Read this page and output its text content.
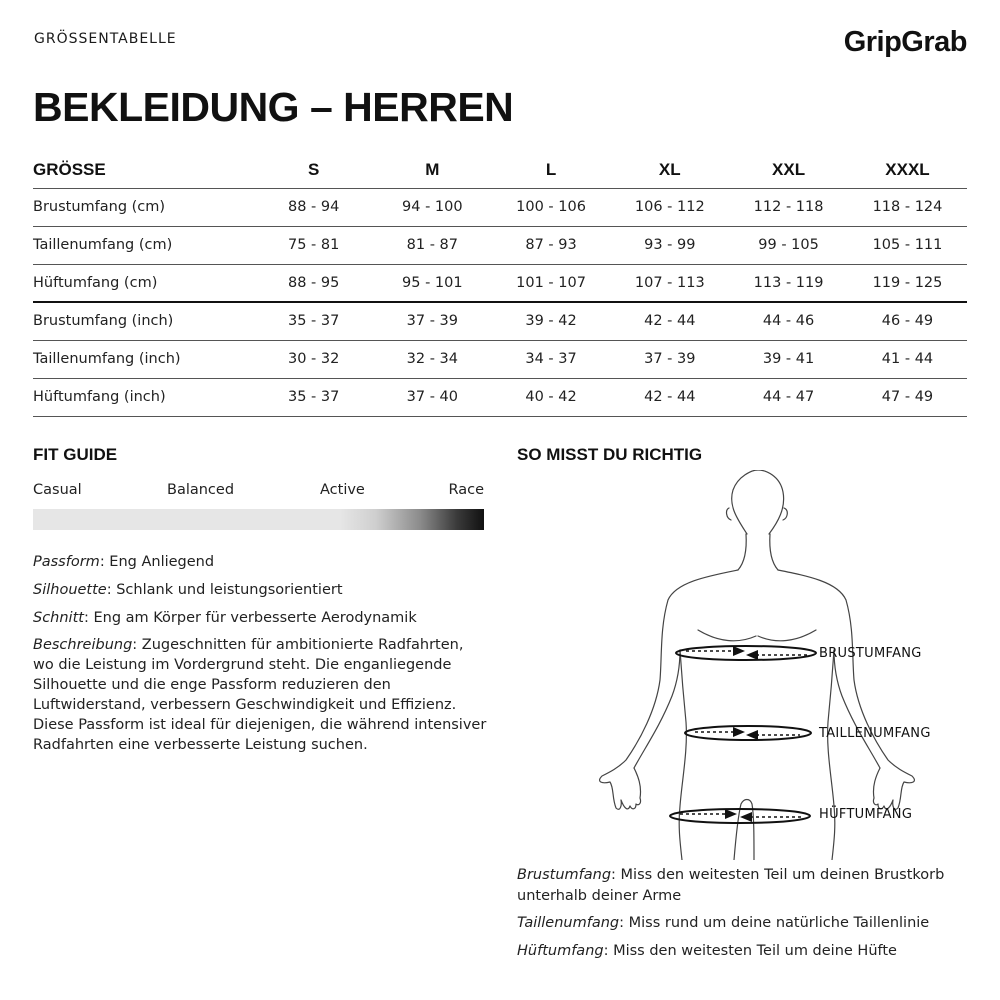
GRÖSSENTABELLE	GripGrab
BEKLEIDUNG – HERREN
GRÖSSE	S	M	L	XL	XXL	XXXL
Brustumfang (cm)	88 - 94	94 - 100	100 - 106	106 - 112	112 - 118	118 - 124
Taillenumfang (cm)	75 - 81	81 - 87	87 - 93	93 - 99	99 - 105	105 - 111
Hüftumfang (cm)	88 - 95	95 - 101	101 - 107	107 - 113	113 - 119	119 - 125
Brustumfang (inch)	35 - 37	37 - 39	39 - 42	42 - 44	44 - 46	46 - 49
Taillenumfang (inch)	30 - 32	32 - 34	34 - 37	37 - 39	39 - 41	41 - 44
Hüftumfang (inch)	35 - 37	37 - 40	40 - 42	42 - 44	44 - 47	47 - 49
FIT GUIDE
Casual	Balanced	Active	Race
Passform: Eng Anliegend
Silhouette: Schlank und leistungsorientiert
Schnitt: Eng am Körper für verbesserte Aerodynamik
Beschreibung: Zugeschnitten für ambitionierte Radfahrten, wo die Leistung im Vordergrund steht. Die enganliegende Silhouette und die enge Passform reduzieren den Luftwiderstand, verbessern Geschwindigkeit und Effizienz. Diese Passform ist ideal für diejenigen, die während intensiver Radfahrten eine verbesserte Leistung suchen.
SO MISST DU RICHTIG
BRUSTUMFANG
TAILLENUMFANG
HÜFTUMFANG
Brustumfang: Miss den weitesten Teil um deinen Brustkorb unterhalb deiner Arme
Taillenumfang: Miss rund um deine natürliche Taillenlinie
Hüftumfang: Miss den weitesten Teil um deine Hüfte
